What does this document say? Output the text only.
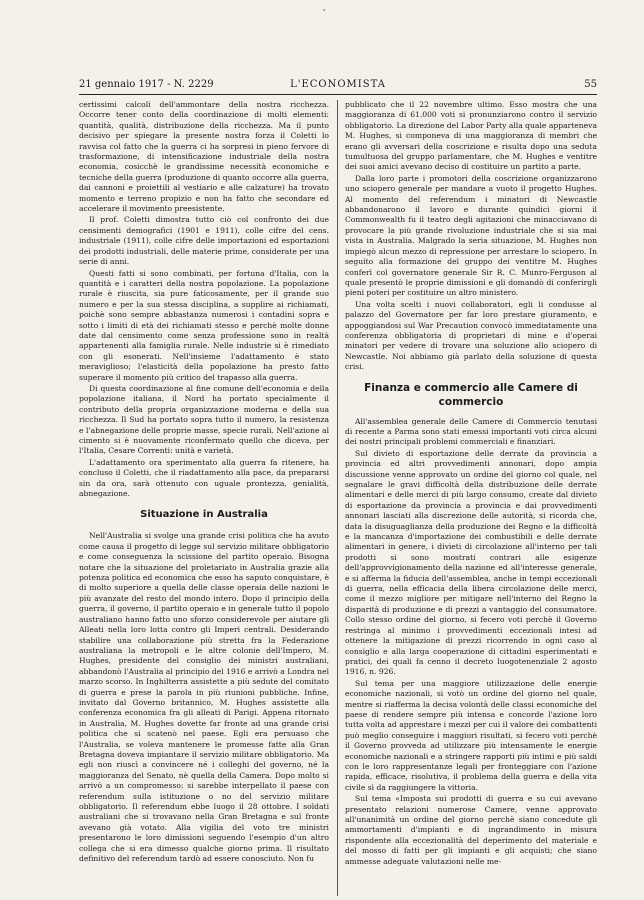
ˇ
21 gennaio 1917 - N. 2229	L'ECONOMISTA	55

certissimi calcoli dell'ammontare della nostra ricchezza. Occorre tener conto della coordinazione di molti elementi: quantità, qualità, distribuzione della ricchezza. Ma il punto decisivo per spiegare la presente nostra forza il Coletti lo ravvisa col fatto che la guerra ci ha sorpresi in pieno fervore di trasformazione, di intensificazione industriale della nostra economia, cosicchè le grandissime necessità economiche e tecniche della guerra (produzione di quanto occorre alla guerra, dai cannoni e proiettili al vestiario e alle calzature) ha trovato momento e terreno propizio e non ha fatto che secondare ed accelerare il movimento preesistente.

Il prof. Coletti dimostra tutto ciò col confronto dei due censimenti demografici (1901 e 1911), colle cifre del cens. industriale (1911), colle cifre delle importazioni ed esportazioni dei prodotti industriali, delle materie prime, considerate per una serie di anni.

Questi fatti si sono combinati, per fortuna d'Italia, con la quantità e i caratteri della nostra popolazione. La popolazione rurale è riuscita, sia pure faticosamente, per il grande suo numero e per la sua stessa disciplina, a supplire ai richiamati, poichè sono sempre abbastanza numerosi i contadini sopra e sotto i limiti di età dei richiamati stesso e perchè molte donne date dal censimento come senza professione sono in realtà appartenenti alla famiglia rurale. Nelle industrie si è rimediato con gli esonerati. Nell'insieme l'adattamento è stato meraviglioso; l'elasticità della popolazione ha presto fatto superare il momento più critico del trapasso alla guerra.

Di questa coordinazione al fine comune dell'economia e della popolazione italiana, il Nord ha portato specialmente il contributo della propria organizzazione moderna e della sua ricchezza. Il Sud ha portato sopra tutto il numero, la resistenza e l'abnegazione delle proprie masse, specie rurali. Nell'azione al cimento si è nuovamente riconfermato quello che diceva, per l'Italia, Cesare Correnti: unità e varietà.

L'adattamento ora sperimentato alla guerra fa ritenere, ha concluso il Coletti, che il riadattamento alla pace, da prepararsi sin da ora, sarà ottenuto con uguale prontezza, genialità, abnegazione.

Situazione in Australia

Nell'Australia si svolge una grande crisi politica che ha avuto come causa il progetto di legge sul servizio militare obbligatorio e come conseguenza la scissione del partito operaio. Bisogna notare che la situazione del proletariato in Australia grazie alla potenza politica ed economica che esso ha saputo conquistare, è di molto superiore a quella delle classe operaia delle nazioni le più avanzate del resto del mondo intero. Dopo il principio della guerra, il governo, il partito operaio e in generale tutto il popolo australiano hanno fatto uno sforzo considerevole per aiutare gli Alleati nella loro lotta contro gli Imperi centrali. Desiderando stabilire una collaborazione più stretta fra la Federazione australiana la metropoli e le altre colonie dell'Impero, M. Hughes, presidente del consiglio dei ministri australiani, abbandonò l'Australia al principio del 1916 e arrivò a Londra nel marzo scorso. In Inghilterra assistette a più sedute del comitato di guerra e prese la parola in più riunioni pubbliche. Infine, invitato dal Governo britannico, M. Hughes assistette alla conferenza economica fra gli alleati di Parigi. Appena ritornato in Australia, M. Hughes dovette far fronte ad una grande crisi politica che si scatenò nel paese. Egli era persuaso che l'Australia, se voleva mantenere le promesse fatte alla Gran Bretagna doveva impiantare il servizio militare obbligatorio. Ma egli non riuscì a convincere né i colleghi del governo, né la maggioranza del Senato, nè quella della Camera. Dopo molto si arrivò a un compromesso: si sarebbe interpellato il paese con referendum sulla istituzione o no del servizio militare obbligatorio. Il referendum ebbe luogo il 28 ottobre. I soldati australiani che si trovavano nella Gran Bretagna e sul fronte avevano già votato. Alla vigilia del voto tre ministri presentarono le loro dimissioni seguendo l'esempio d'un altro collega che si era dimesso qualche giorno prima. Il risultato definitivo del referendum tardò ad essere conosciuto. Non fu

pubblicato che il 22 novembre ultimo. Esso mostra che una maggioranza di 61.000 voti si pronunziarono contro il servizio obbligatorio. La direzione del Labor Party alla quale apparteneva M. Hughes, si componeva di una maggioranza di membri che erano gli avversari della coscrizione e risulta dopo una seduta tumultuosa del gruppo parlamentare, che M. Hughes e ventitre dei suoi amici avevano deciso di costituire un partito a parte.

Dalla loro parte i promotori della coscrizione organizzarono uno sciopero generale per mandare a vuoto il progetto Hughes. Al momento del referendum i minatori di Newcastle abbandonarono il lavoro e durante quindici giorni il Commonwealth fu il teatro degli agitazioni che minacciavano di provocare la più grande rivoluzione industriale che si sia mai vista in Australia. Malgrado la seria situazione, M. Hughes non impiegò alcun mezzo di repressione per arrestare lo sciopero. In seguito alla formazione del gruppo dei ventitre M. Hughes conferì col governatore generale Sir R. C. Munro-Ferguson al quale presentò le proprie dimissioni e gli domandò di conferirgli pieni poteri per costituire un altro ministero.

Una volta scelti i nuovi collaboratori, egli li condusse al palazzo del Governatore per far loro prestare giuramento, e appoggiandosi sul War Precaution convocò immediatamente una conferenza obbligatoria di proprietari di mine e d'operai minatori per vedere di trovare una soluzione allo sciopero di Newcastle. Noi abbiamo già parlato della soluzione di questa crisi.

Finanza e commercio alle Camere di commercio

All'assemblea generale delle Camere di Commercio tenutasi di recente a Parma sono stati emessi importanti voti circa alcuni dei nostri principali problemi commerciali e finanziari.

Sul divieto di esportazione delle derrate da provincia a provincia ed altri provvedimenti annonari, dopo ampia discussione venne approvato un ordine del giorno col quale, nel segnalare le gravi difficoltà della distribuzione delle derrate alimentari e delle merci di più largo consumo, create dal divieto di esportazione da provincia a provincia e dai provvedimenti annonari lasciati alla discrezione delle autorità, si ricorda che, data la disuguaglianza della produzione dei Regno e la difficoltà e la mancanza d'importazione dei combustibili e delle derrate alimentari in genere, i divieti di circolazione all'interno per tali prodotti si sono mostrati contrari alle esigenze dell'approvvigionamento della nazione ed all'interesse generale, e si afferma la fiducia dell'assemblea, anche in tempi eccezionali di guerra, nella efficacia della libera circolazione delle merci, come il mezzo migliore per mitigare nell'interno del Regno la disparità di produzione e di prezzi a vantaggio del consumatore. Collo stesso ordine del giorno, si fecero voti perchè il Governo restringa al minimo i provvedimenti eccezionali intesi ad ottenere la mitigazione di prezzi ricorrendo in ogni caso al consiglio e alla larga cooperazione di cittadini esperimentati e pratici, dei quali fa cenno il decreto luogotenenziale 2 agosto 1916, n. 926.

Sul tema per una maggiore utilizzazione delle energie economiche nazionali, si votò un ordine del giorno nel quale, mentre si riafferma la decisa volontà delle classi economiche del paese di rendere sempre più intensa e concorde l'azione loro tutta volta ad apprestare i mezzi per cui il valore dei combattenti può meglio conseguire i maggiori risultati, si fecero voti perchè il Governo provveda ad utilizzare più intensamente le energie economiche nazionali e a stringere rapporti più intimi e più saldi con le loro rappresentanze legali per fronteggiare con l'azione rapida, efficace, risolutiva, il problema della guerra e della vita civile sì da raggiungere la vittoria.

Sul tema «Imposta sui prodotti di guerra e su cui avevano presentato relazioni numerose Camere, venne approvato all'unanimità un ordine del giorno perchè siano concedute gli ammortamenti d'impianti e di ingrandimento in misura rispondente alla eccezionalità del deperimento del materiale e del mosso di fatti per gli impianti e gli acquisti; che siano ammesse adeguate valutazioni nelle me-
